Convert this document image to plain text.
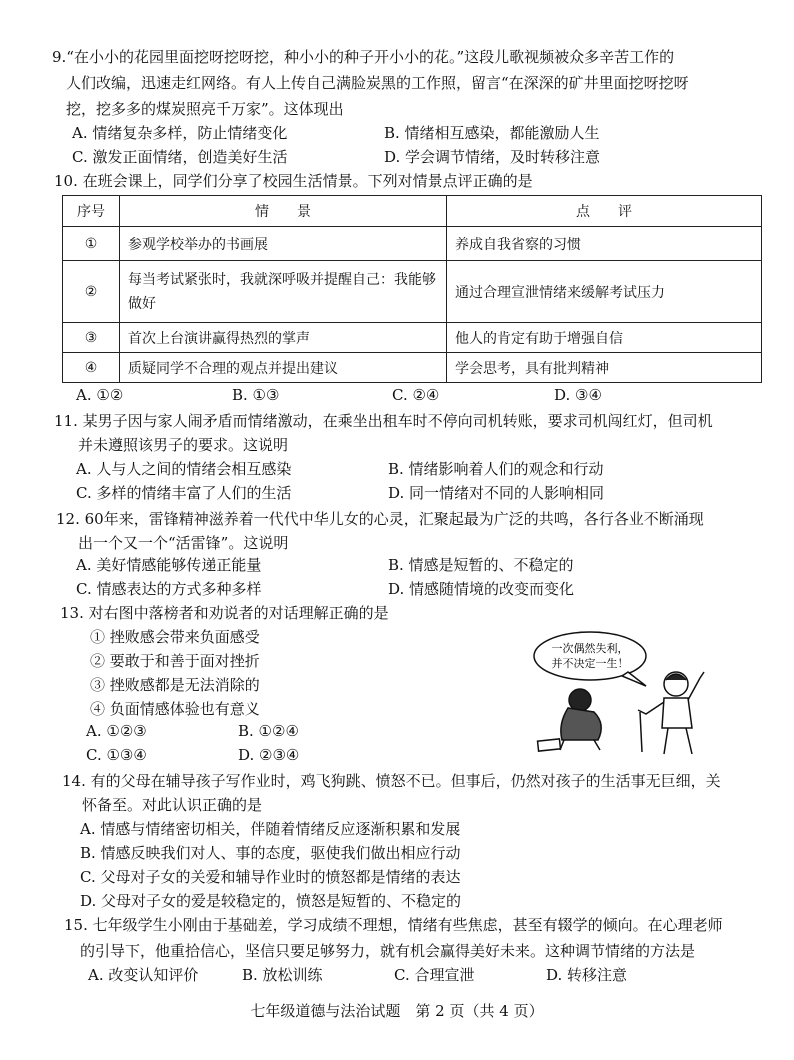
9.“在小小的花园里面挖呀挖呀挖，种小小的种子开小小的花。”这段儿歌视频被众多辛苦工作的
人们改编，迅速走红网络。有人上传自己满脸炭黑的工作照，留言“在深深的矿井里面挖呀挖呀
挖，挖多多的煤炭照亮千万家”。这体现出
A. 情绪复杂多样，防止情绪变化	B. 情绪相互感染，都能激励人生
C. 激发正面情绪，创造美好生活	D. 学会调节情绪，及时转移注意
10. 在班会课上，同学们分享了校园生活情景。下列对情景点评正确的是
序号	情　　景	点　　评
①	参观学校举办的书画展	养成自我省察的习惯
②	每当考试紧张时，我就深呼吸并提醒自己：我能够做好	通过合理宣泄情绪来缓解考试压力
③	首次上台演讲赢得热烈的掌声	他人的肯定有助于增强自信
④	质疑同学不合理的观点并提出建议	学会思考，具有批判精神
A. ①②	B. ①③	C. ②④	D. ③④
11. 某男子因与家人闹矛盾而情绪激动，在乘坐出租车时不停向司机转账，要求司机闯红灯，但司机
并未遵照该男子的要求。这说明
A. 人与人之间的情绪会相互感染	B. 情绪影响着人们的观念和行动
C. 多样的情绪丰富了人们的生活	D. 同一情绪对不同的人影响相同
12. 60年来，雷锋精神滋养着一代代中华儿女的心灵，汇聚起最为广泛的共鸣，各行各业不断涌现
出一个又一个“活雷锋”。这说明
A. 美好情感能够传递正能量	B. 情感是短暂的、不稳定的
C. 情感表达的方式多种多样	D. 情感随情境的改变而变化
13. 对右图中落榜者和劝说者的对话理解正确的是
① 挫败感会带来负面感受
② 要敢于和善于面对挫折
③ 挫败感都是无法消除的
④ 负面情感体验也有意义
A. ①②③	B. ①②④
C. ①③④	D. ②③④
一次偶然失利，
并不决定一生！
14. 有的父母在辅导孩子写作业时，鸡飞狗跳、愤怒不已。但事后，仍然对孩子的生活事无巨细，关
怀备至。对此认识正确的是
A. 情感与情绪密切相关，伴随着情绪反应逐渐积累和发展
B. 情感反映我们对人、事的态度，驱使我们做出相应行动
C. 父母对子女的关爱和辅导作业时的愤怒都是情绪的表达
D. 父母对子女的爱是较稳定的，愤怒是短暂的、不稳定的
15. 七年级学生小刚由于基础差，学习成绩不理想，情绪有些焦虑，甚至有辍学的倾向。在心理老师
的引导下，他重拾信心，坚信只要足够努力，就有机会赢得美好未来。这种调节情绪的方法是
A. 改变认知评价	B. 放松训练	C. 合理宣泄	D. 转移注意
七年级道德与法治试题　第 2 页（共 4 页）
